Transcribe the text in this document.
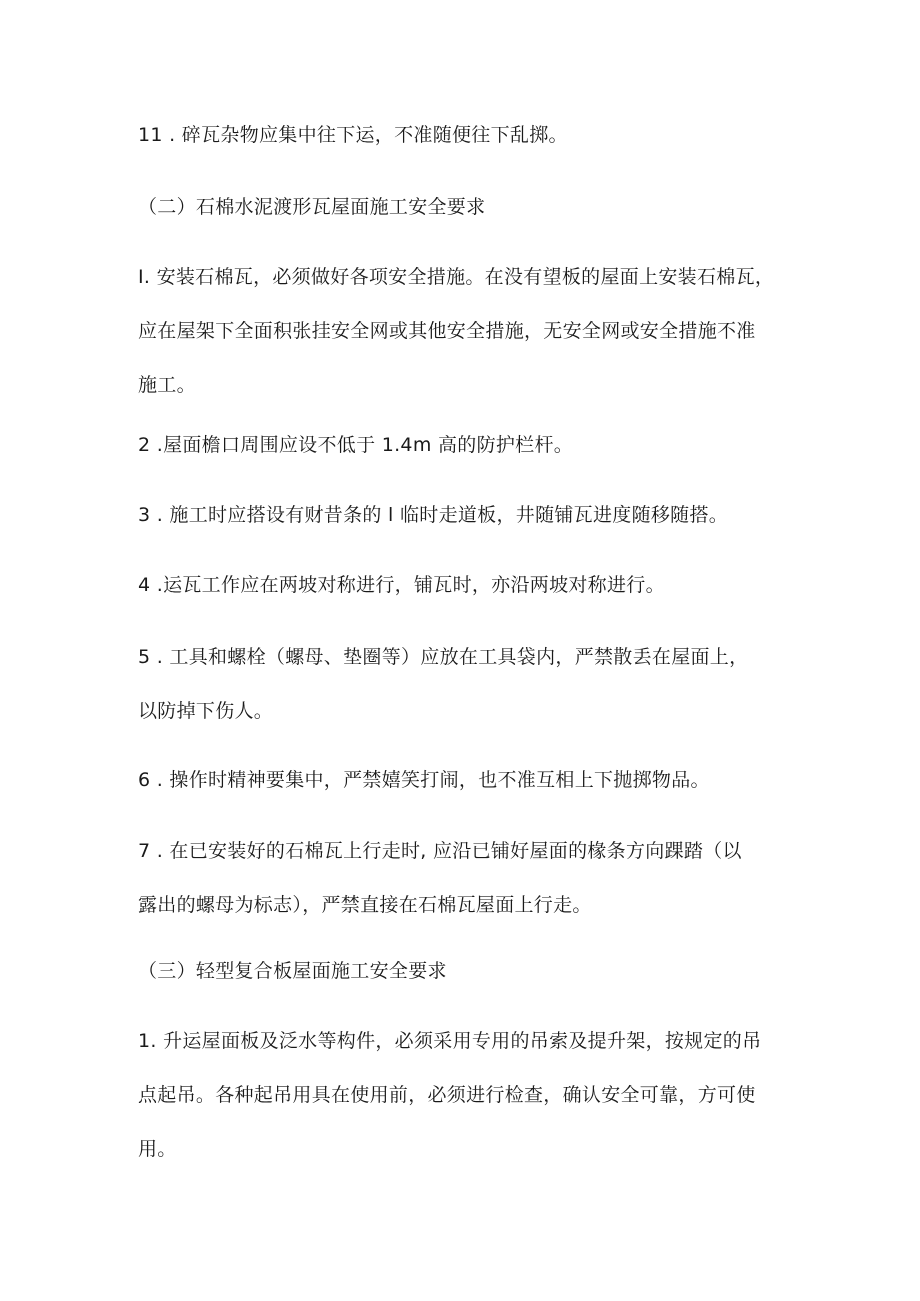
11 . 碎瓦杂物应集中往下运，不准随便往下乱掷。

（二）石棉水泥渡形瓦屋面施工安全要求

I. 安装石棉瓦，必须做好各项安全措施。在没有望板的屋面上安装石棉瓦，
应在屋架下全面积张挂安全网或其他安全措施，无安全网或安全措施不准
施工。

2 .屋面檐口周围应设不低于 1.4m 高的防护栏杆。

3 . 施工时应搭设有财昔条的 l 临时走道板，井随铺瓦进度随移随搭。

4 .运瓦工作应在两坡对称进行，铺瓦时，亦沿两坡对称进行。

5 . 工具和螺栓（螺母、垫圈等）应放在工具袋内，严禁散丢在屋面上，
以防掉下伤人。

6 . 操作时精神要集中，严禁嬉笑打闹，也不准互相上下抛掷物品。

7 . 在已安装好的石棉瓦上行走时, 应沿已铺好屋面的椽条方向踝踏（以
露出的螺母为标志），严禁直接在石棉瓦屋面上行走。

（三）轻型复合板屋面施工安全要求

1. 升运屋面板及泛水等构件，必须采用专用的吊索及提升架，按规定的吊
点起吊。各种起吊用具在使用前，必须进行检查，确认安全可靠，方可使
用。
